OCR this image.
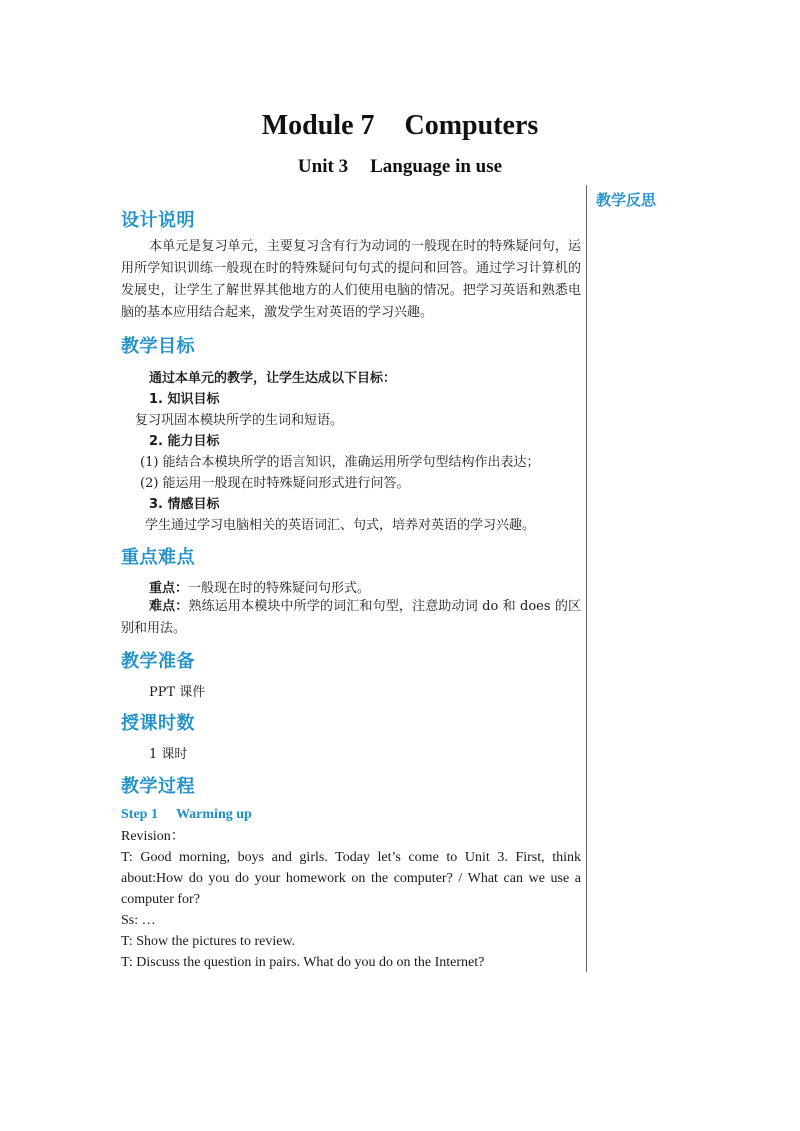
Module 7 Computers
Unit 3 Language in use
教学反思
设计说明
本单元是复习单元，主要复习含有行为动词的一般现在时的特殊疑问句，运用所学知识训练一般现在时的特殊疑问句句式的提问和回答。通过学习计算机的发展史，让学生了解世界其他地方的人们使用电脑的情况。把学习英语和熟悉电脑的基本应用结合起来，激发学生对英语的学习兴趣。
教学目标
通过本单元的教学，让学生达成以下目标：
1. 知识目标
复习巩固本模块所学的生词和短语。
2. 能力目标
(1) 能结合本模块所学的语言知识，准确运用所学句型结构作出表达；
(2) 能运用一般现在时特殊疑问形式进行问答。
3. 情感目标
学生通过学习电脑相关的英语词汇、句式，培养对英语的学习兴趣。
重点难点
重点：一般现在时的特殊疑问句形式。
难点：熟练运用本模块中所学的词汇和句型，注意助动词 do 和 does 的区别和用法。
教学准备
PPT 课件
授课时数
1 课时
教学过程
Step 1 Warming up
Revision：
T: Good morning, boys and girls. Today let’s come to Unit 3. First, think about:How do you do your homework on the computer? / What can we use a computer for?
Ss: …
T: Show the pictures to review.
T: Discuss the question in pairs. What do you do on the Internet?
